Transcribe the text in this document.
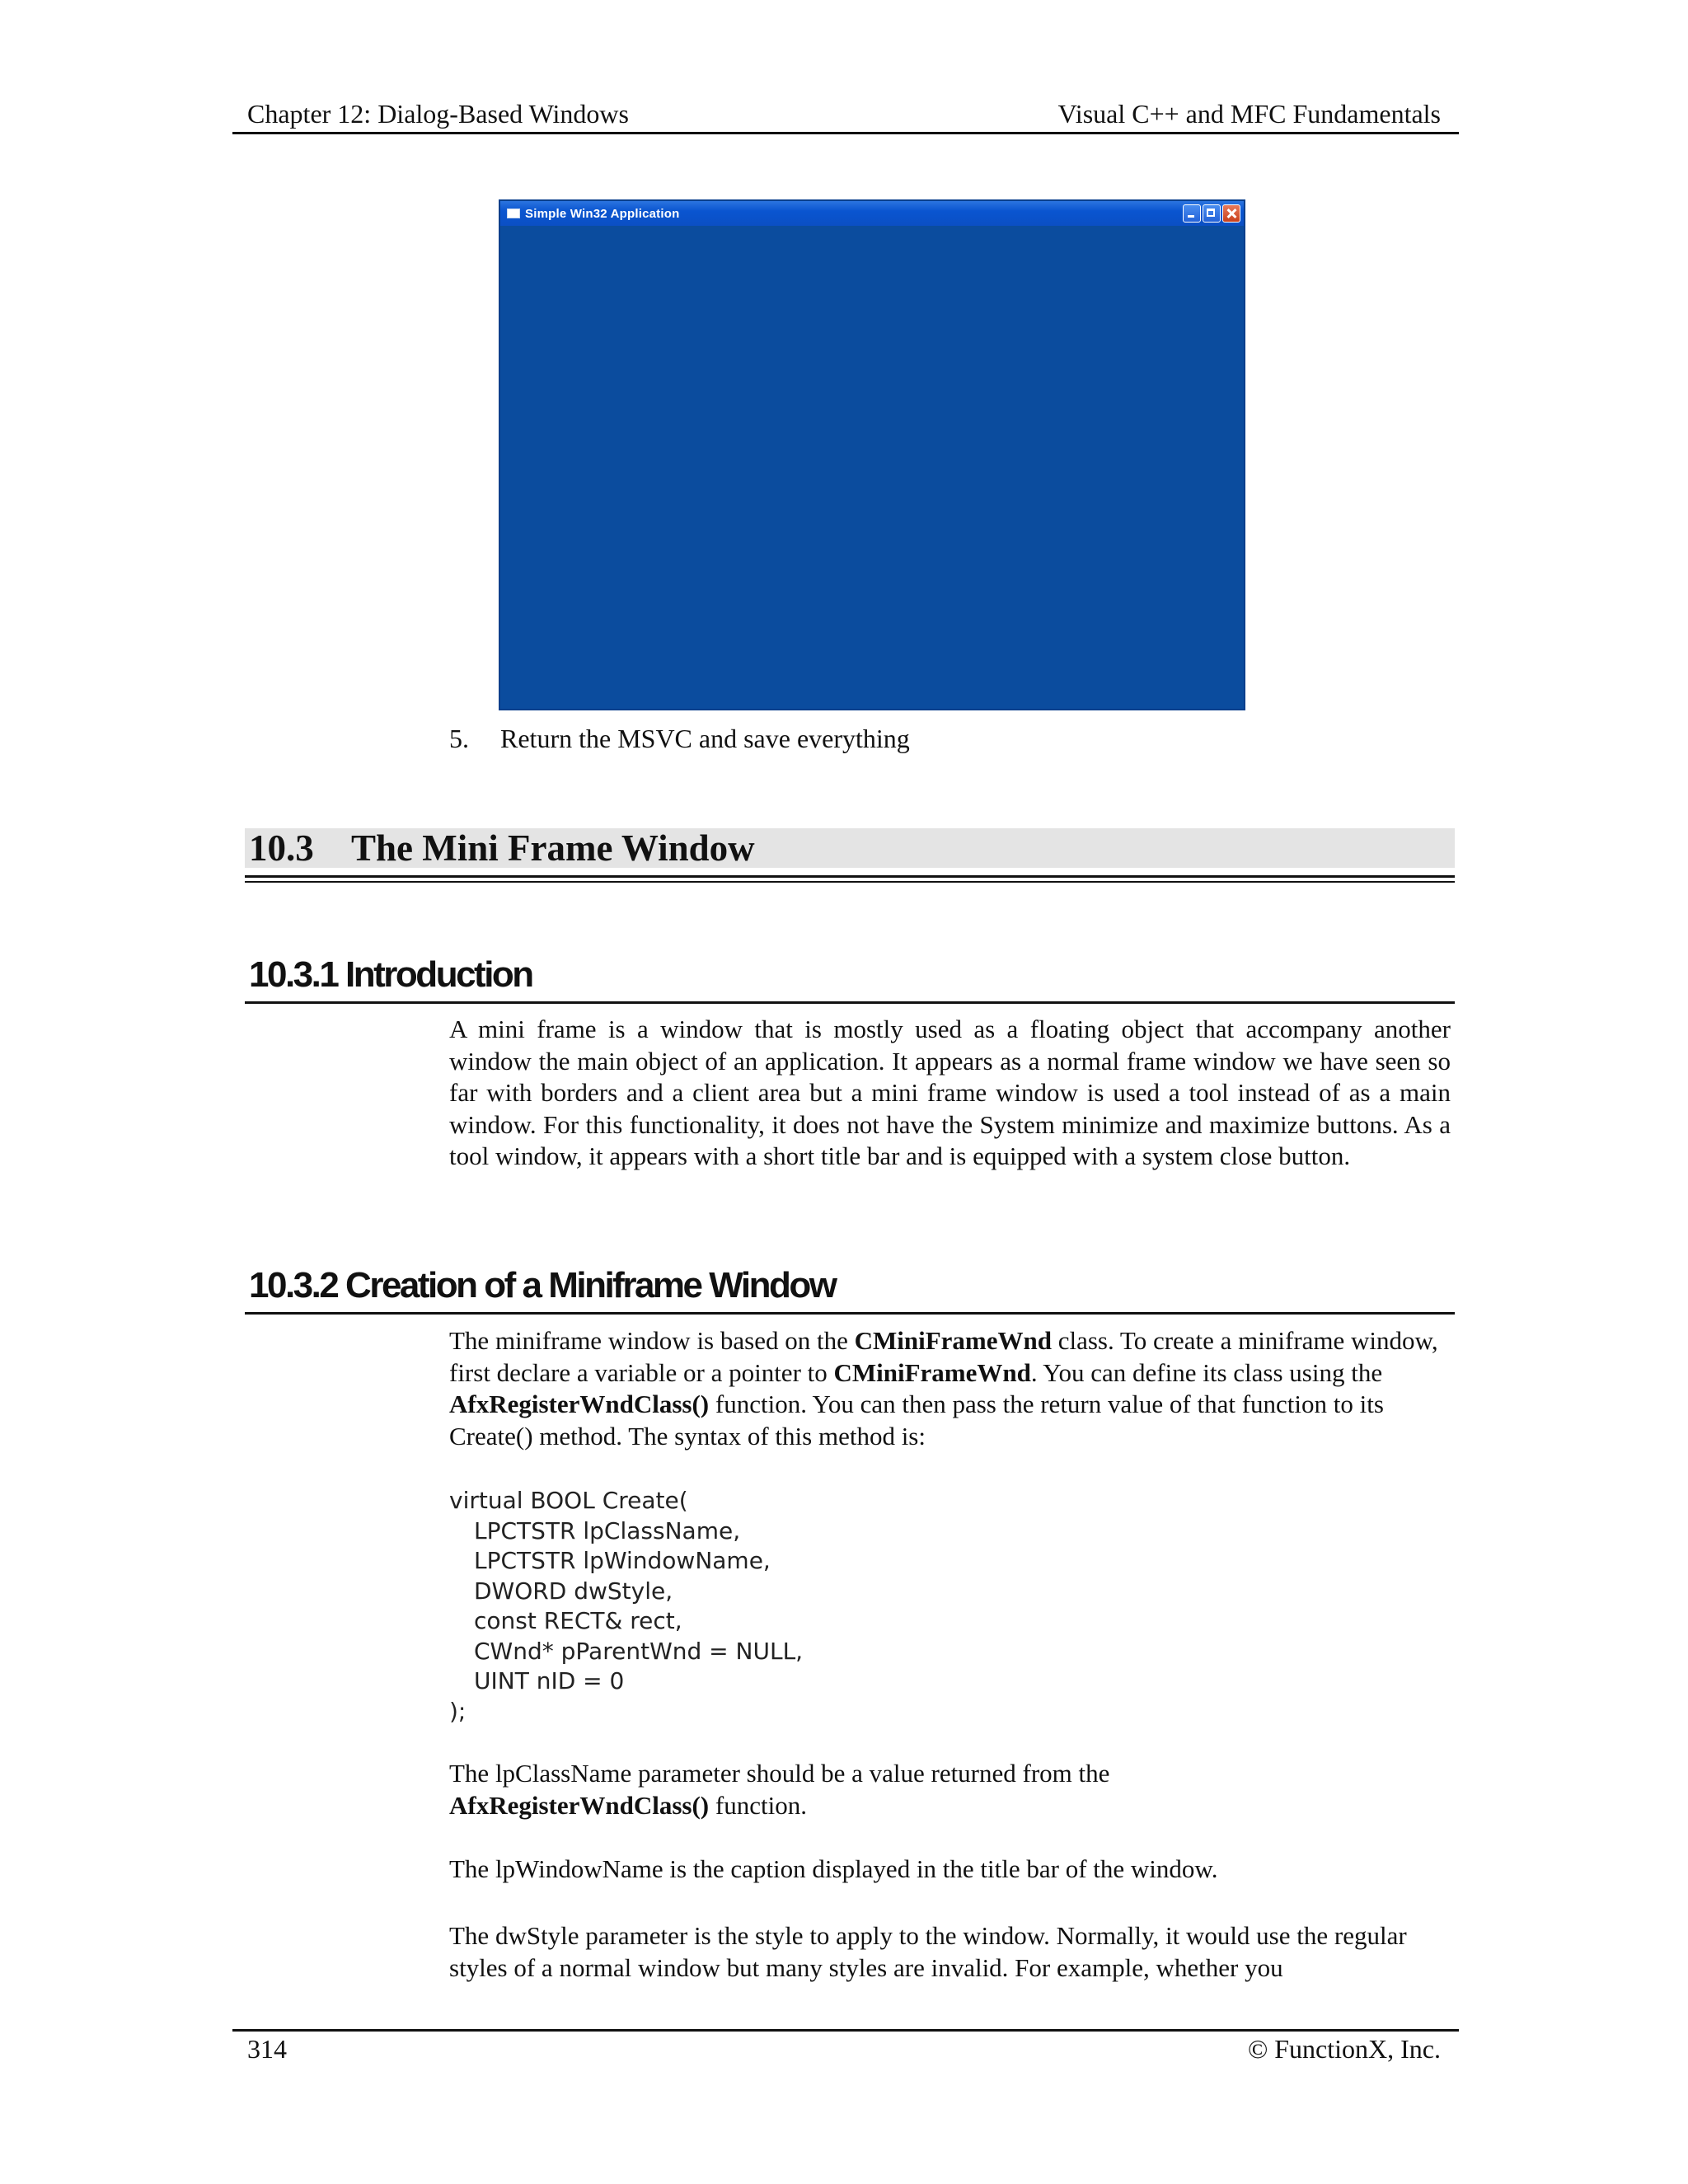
Chapter 12: Dialog-Based Windows	Visual C++ and MFC Fundamentals
Simple Win32 Application
5. Return the MSVC and save everything
10.3 The Mini Frame Window
10.3.1 Introduction
A mini frame is a window that is mostly used as a floating object that accompany another window the main object of an application. It appears as a normal frame window we have seen so far with borders and a client area but a mini frame window is used a tool instead of as a main window. For this functionality, it does not have the System minimize and maximize buttons. As a tool window, it appears with a short title bar and is equipped with a system close button.
10.3.2 Creation of a Miniframe Window
The miniframe window is based on the CMiniFrameWnd class. To create a miniframe window, first declare a variable or a pointer to CMiniFrameWnd. You can define its class using the AfxRegisterWndClass() function. You can then pass the return value of that function to its Create() method. The syntax of this method is:
virtual BOOL Create(
LPCTSTR lpClassName,
LPCTSTR lpWindowName,
DWORD dwStyle,
const RECT& rect,
CWnd* pParentWnd = NULL,
UINT nID = 0
);
The lpClassName parameter should be a value returned from the
AfxRegisterWndClass() function.
The lpWindowName is the caption displayed in the title bar of the window.
The dwStyle parameter is the style to apply to the window. Normally, it would use the regular styles of a normal window but many styles are invalid. For example, whether you
314	© FunctionX, Inc.
